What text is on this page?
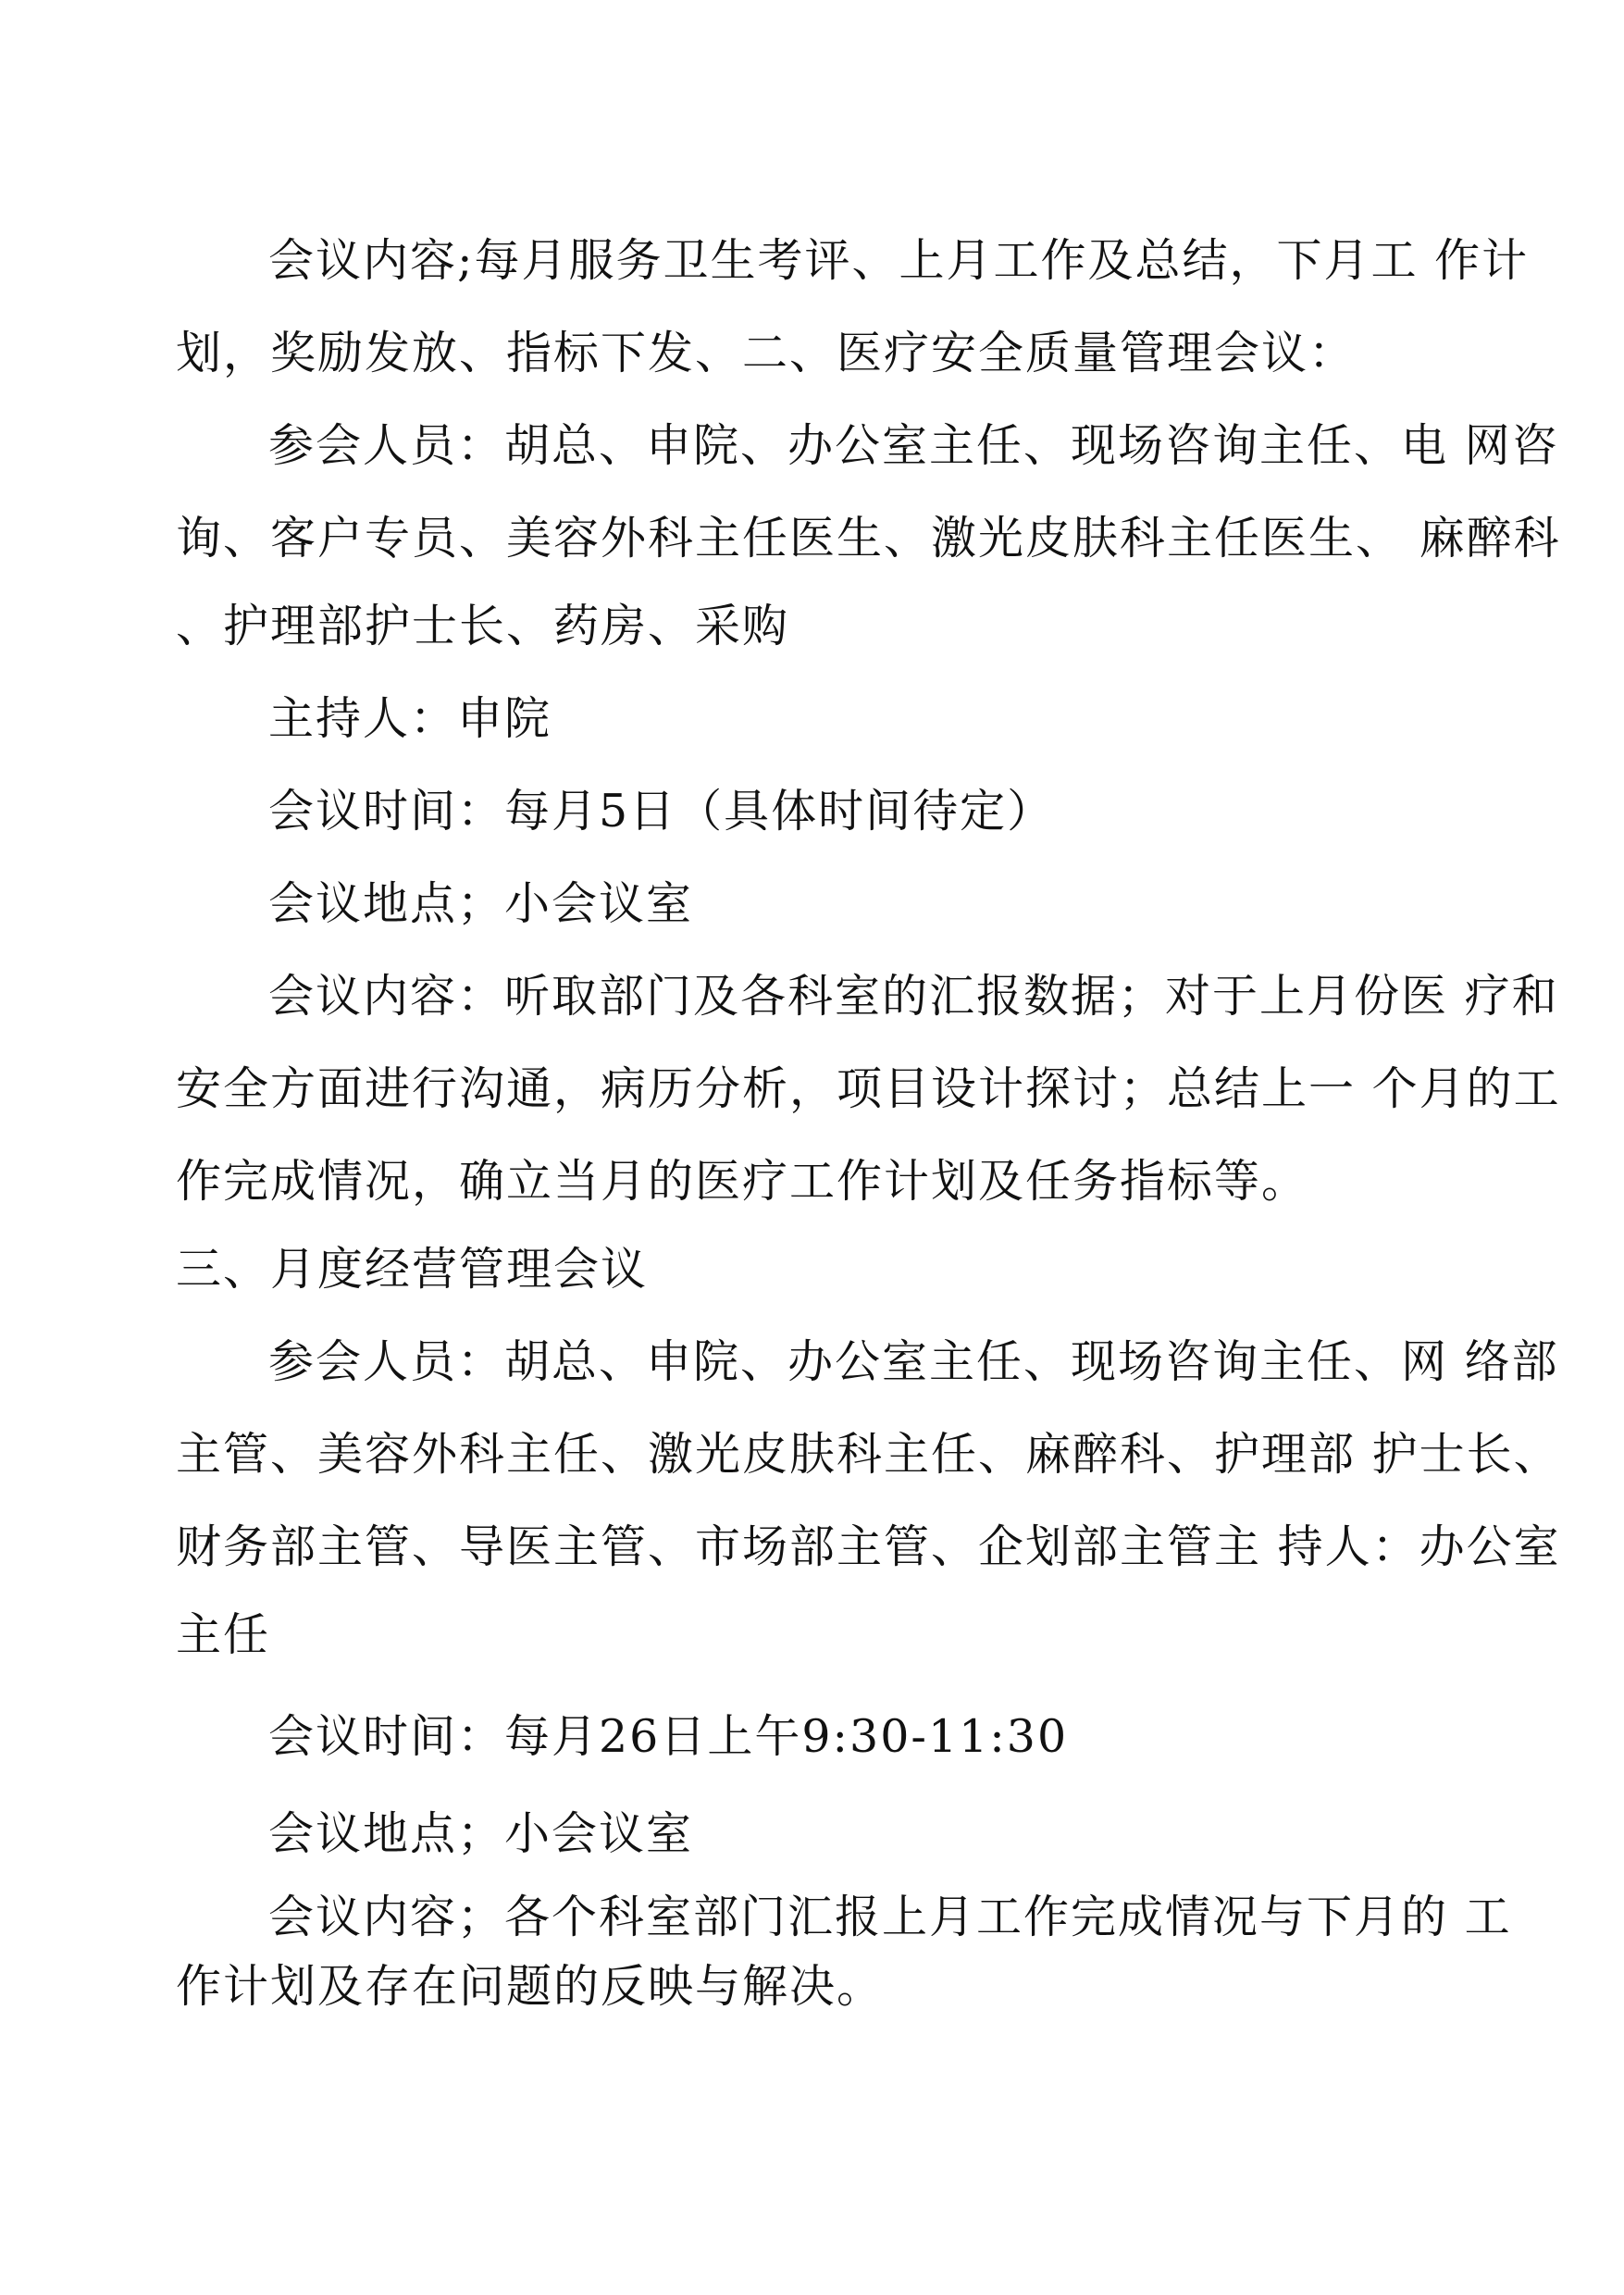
会议内容;每月服务卫生考评、上月工作及总结，下月工 作计
划，奖励发放、指标下发、二、医疗安全质量管理会议：
参会人员：胡总、申院、办公室主任、现场咨询主任、电 网咨
询、客户专员、美容外科主任医生、激光皮肤科主任医生、 麻醉科
、护理部护士长、药房、采购
主持人：申院
会议时间：每月5日（具体时间待定）
会议地点；小会议室
会议内容：听取部门及各科室的汇报数据；对于上月份医 疗和
安全方面进行沟通，病历分析，项目设计探讨；总结上一 个月的工
作完成情况，确立当月的医疗工作计划及任务指标等。
三、月度经营管理会议
参会人员：胡总、申院、办公室主任、现场咨询主任、网 络部
主管、美容外科主任、激光皮肤科主任、麻醉科、护理部 护士长、
财务部主管、导医主管、市场部主管、企划部主管主 持人：办公室
主任
会议时间：每月26日上午9:30-11:30
会议地点；小会议室
会议内容；各个科室部门汇报上月工作完成情况与下月的 工
作计划及存在问题的反映与解决。
